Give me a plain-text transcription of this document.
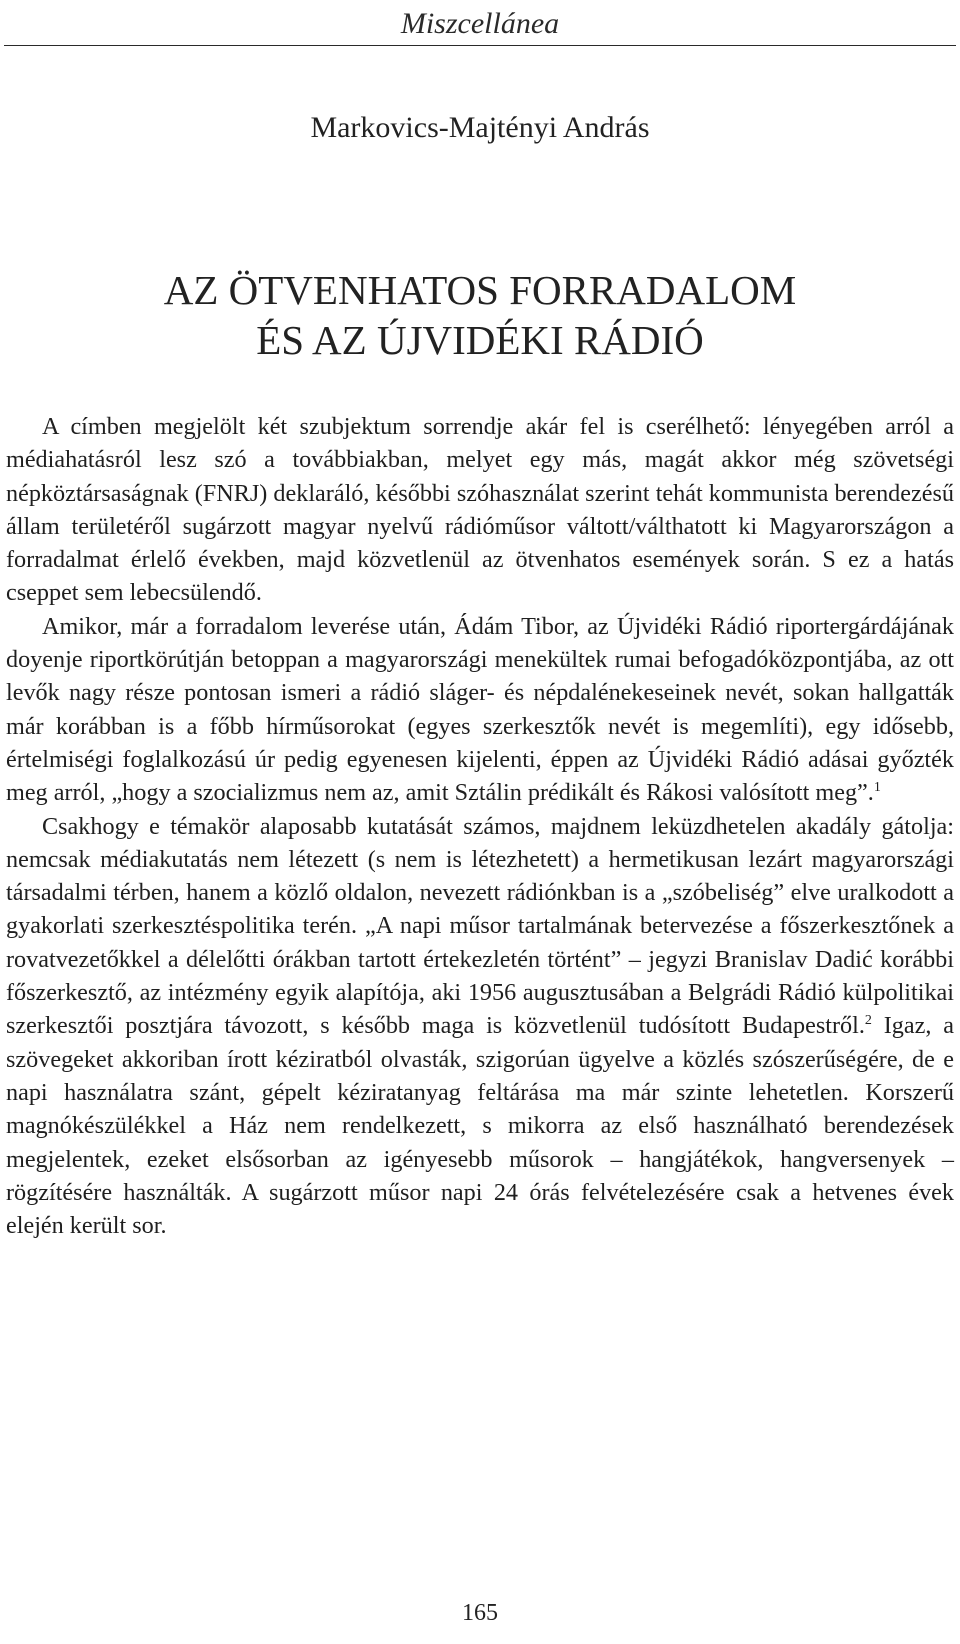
Miszcellánea
Markovics-Majtényi András
AZ ÖTVENHATOS FORRADALOM
ÉS AZ ÚJVIDÉKI RÁDIÓ

A címben megjelölt két szubjektum sorrendje akár fel is cserélhető: lényegében arról a médiahatásról lesz szó a továbbiakban, melyet egy más, magát akkor még szövetségi népköztársaságnak (FNRJ) deklaráló, későbbi szóhasználat szerint tehát kommunista berendezésű állam területéről sugárzott magyar nyelvű rádióműsor váltott/válthatott ki Magyarországon a forradalmat érlelő években, majd közvetlenül az ötvenhatos események során. S ez a hatás cseppet sem lebecsülendő.

Amikor, már a forradalom leverése után, Ádám Tibor, az Újvidéki Rádió riportergárdájának doyenje riportkörútján betoppan a magyarországi menekültek rumai befogadóközpontjába, az ott levők nagy része pontosan ismeri a rádió sláger- és népdalénekeseinek nevét, sokan hallgatták már korábban is a főbb hírműsorokat (egyes szerkesztők nevét is megemlíti), egy idősebb, értelmiségi foglalkozású úr pedig egyenesen kijelenti, éppen az Újvidéki Rádió adásai győzték meg arról, „hogy a szocializmus nem az, amit Sztálin prédikált és Rákosi valósított meg”.$^1$

Csakhogy e témakör alaposabb kutatását számos, majdnem leküzdhetelen akadály gátolja: nemcsak médiakutatás nem létezett (s nem is létezhetett) a hermetikusan lezárt magyarországi társadalmi térben, hanem a közlő oldalon, nevezett rádiónkban is a „szóbeliség” elve uralkodott a gyakorlati szerkesztéspolitika terén. „A napi műsor tartalmának betervezése a főszerkesztőnek a rovatvezetőkkel a délelőtti órákban tartott értekezletén történt” – jegyzi Branislav Dadić korábbi főszerkesztő, az intézmény egyik alapítója, aki 1956 augusztusában a Belgrádi Rádió külpolitikai szerkesztői posztjára távozott, s később maga is közvetlenül tudósított Budapestről.$^2$ Igaz, a szövegeket akkoriban írott kéziratból olvasták, szigorúan ügyelve a közlés szószerűségére, de e napi használatra szánt, gépelt kéziratanyag feltárása ma már szinte lehetetlen. Korszerű magnókészülékkel a Ház nem rendelkezett, s mikorra az első használható berendezések megjelentek, ezeket elsősorban az igényesebb műsorok – hangjátékok, hangversenyek – rögzítésére használták. A sugárzott műsor napi 24 órás felvételezésére csak a hetvenes évek elején került sor.

165
